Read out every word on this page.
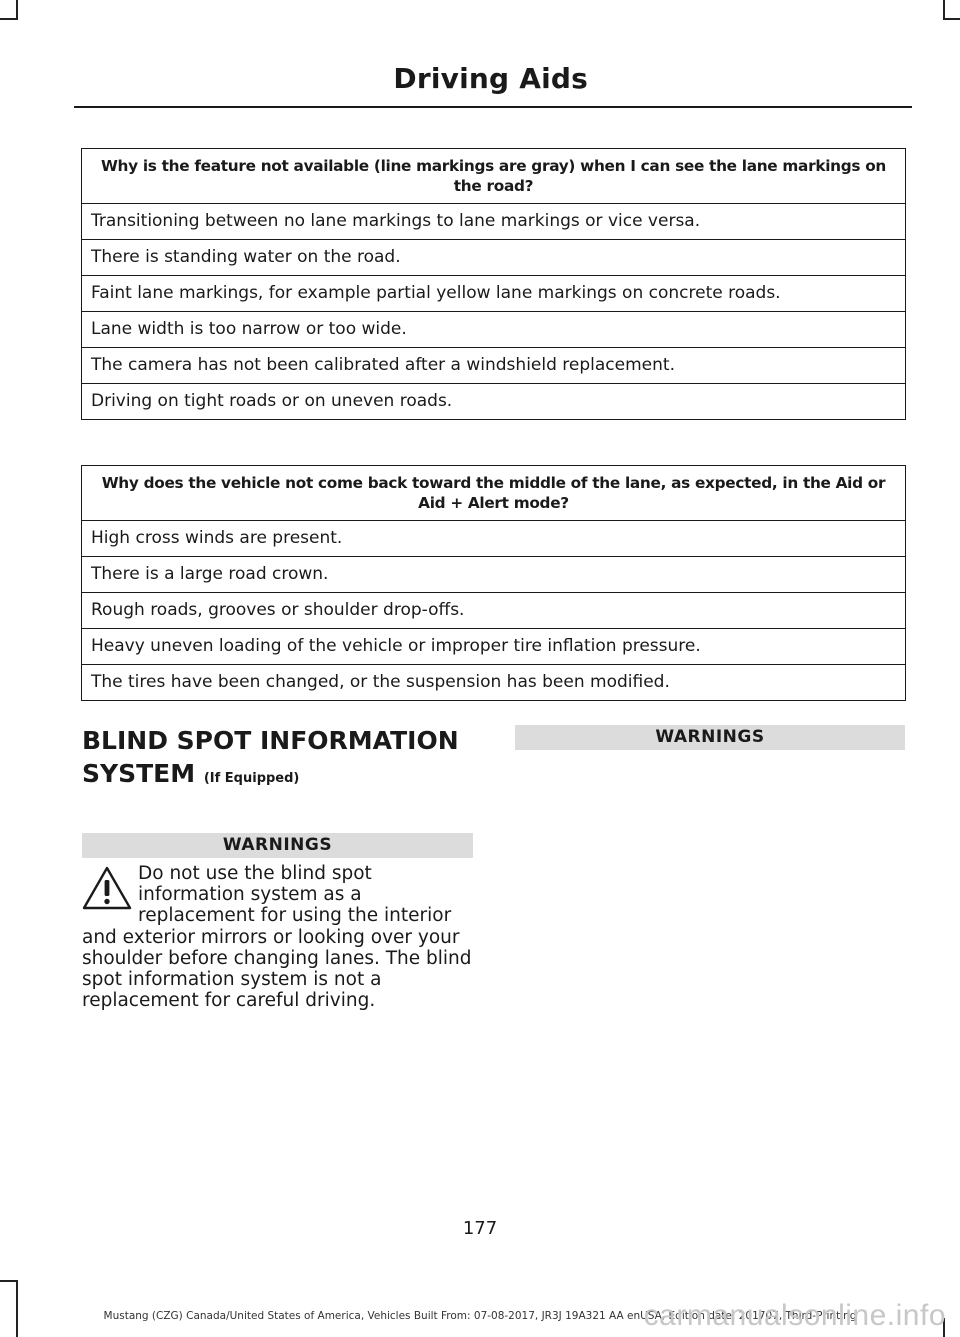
Driving Aids
Why is the feature not available (line markings are gray) when I can see the lane markings on the road?
Transitioning between no lane markings to lane markings or vice versa.
There is standing water on the road.
Faint lane markings, for example partial yellow lane markings on concrete roads.
Lane width is too narrow or too wide.
The camera has not been calibrated after a windshield replacement.
Driving on tight roads or on uneven roads.
Why does the vehicle not come back toward the middle of the lane, as expected, in the Aid or Aid + Alert mode?
High cross winds are present.
There is a large road crown.
Rough roads, grooves or shoulder drop-offs.
Heavy uneven loading of the vehicle or improper tire inflation pressure.
The tires have been changed, or the suspension has been modified.
BLIND SPOT INFORMATION
SYSTEM (If Equipped)
WARNINGS
Do not use the blind spot information system as a replacement for using the interior and exterior mirrors or looking over your shoulder before changing lanes. The blind spot information system is not a replacement for careful driving.
WARNINGS
177
Mustang (CZG) Canada/United States of America, Vehicles Built From: 07-08-2017, JR3J 19A321 AA enUSA, Edition date: 201707, Third-Printing
carmanualsonline.info
